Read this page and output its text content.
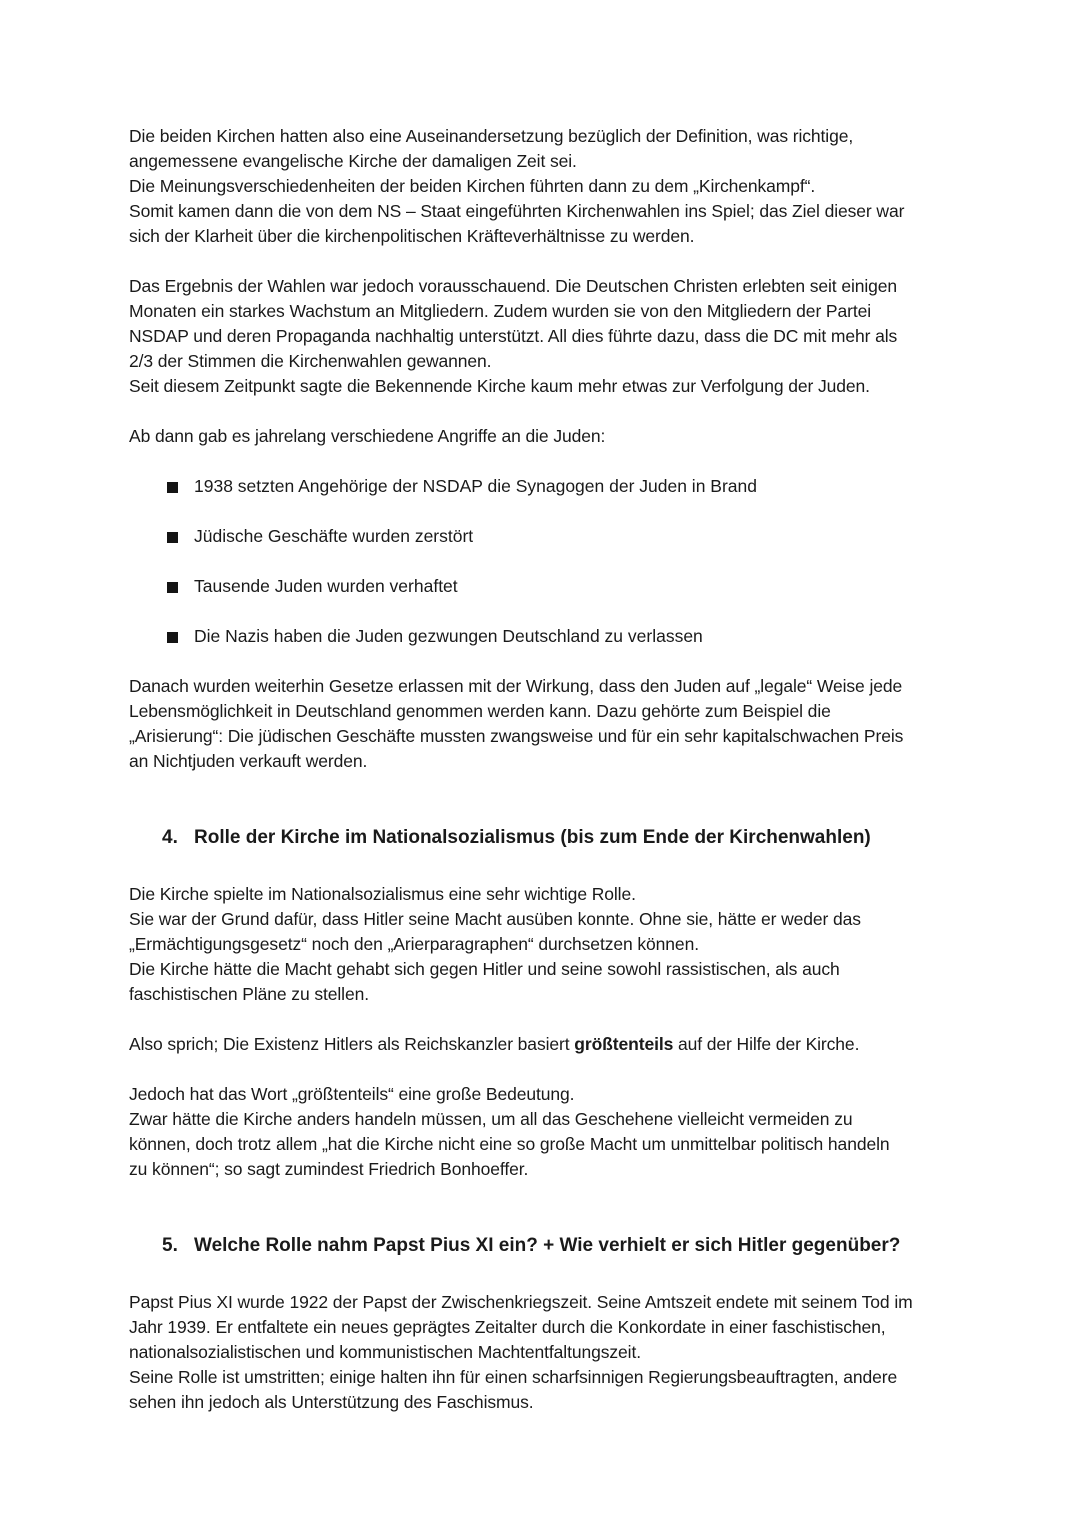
Die beiden Kirchen hatten also eine Auseinandersetzung bezüglich der Definition, was richtige,
angemessene evangelische Kirche der damaligen Zeit sei.
Die Meinungsverschiedenheiten der beiden Kirchen führten dann zu dem „Kirchenkampf“.
Somit kamen dann die von dem NS – Staat eingeführten Kirchenwahlen ins Spiel; das Ziel dieser war
sich der Klarheit über die kirchenpolitischen Kräfteverhältnisse zu werden.

Das Ergebnis der Wahlen war jedoch vorausschauend. Die Deutschen Christen erlebten seit einigen
Monaten ein starkes Wachstum an Mitgliedern. Zudem wurden sie von den Mitgliedern der Partei
NSDAP und deren Propaganda nachhaltig unterstützt. All dies führte dazu, dass die DC mit mehr als
2/3 der Stimmen die Kirchenwahlen gewannen.
Seit diesem Zeitpunkt sagte die Bekennende Kirche kaum mehr etwas zur Verfolgung der Juden.

Ab dann gab es jahrelang verschiedene Angriffe an die Juden:

1938 setzten Angehörige der NSDAP die Synagogen der Juden in Brand
Jüdische Geschäfte wurden zerstört
Tausende Juden wurden verhaftet
Die Nazis haben die Juden gezwungen Deutschland zu verlassen

Danach wurden weiterhin Gesetze erlassen mit der Wirkung, dass den Juden auf „legale“ Weise jede
Lebensmöglichkeit in Deutschland genommen werden kann. Dazu gehörte zum Beispiel die
„Arisierung“: Die jüdischen Geschäfte mussten zwangsweise und für ein sehr kapitalschwachen Preis
an Nichtjuden verkauft werden.

4. Rolle der Kirche im Nationalsozialismus (bis zum Ende der Kirchenwahlen)

Die Kirche spielte im Nationalsozialismus eine sehr wichtige Rolle.
Sie war der Grund dafür, dass Hitler seine Macht ausüben konnte. Ohne sie, hätte er weder das
„Ermächtigungsgesetz“ noch den „Arierparagraphen“ durchsetzen können.
Die Kirche hätte die Macht gehabt sich gegen Hitler und seine sowohl rassistischen, als auch
faschistischen Pläne zu stellen.

Also sprich; Die Existenz Hitlers als Reichskanzler basiert größtenteils auf der Hilfe der Kirche.

Jedoch hat das Wort „größtenteils“ eine große Bedeutung.
Zwar hätte die Kirche anders handeln müssen, um all das Geschehene vielleicht vermeiden zu
können, doch trotz allem „hat die Kirche nicht eine so große Macht um unmittelbar politisch handeln
zu können“; so sagt zumindest Friedrich Bonhoeffer.

5. Welche Rolle nahm Papst Pius XI ein? + Wie verhielt er sich Hitler gegenüber?

Papst Pius XI wurde 1922 der Papst der Zwischenkriegszeit. Seine Amtszeit endete mit seinem Tod im
Jahr 1939. Er entfaltete ein neues geprägtes Zeitalter durch die Konkordate in einer faschistischen,
nationalsozialistischen und kommunistischen Machtentfaltungszeit.
Seine Rolle ist umstritten; einige halten ihn für einen scharfsinnigen Regierungsbeauftragten, andere
sehen ihn jedoch als Unterstützung des Faschismus.
